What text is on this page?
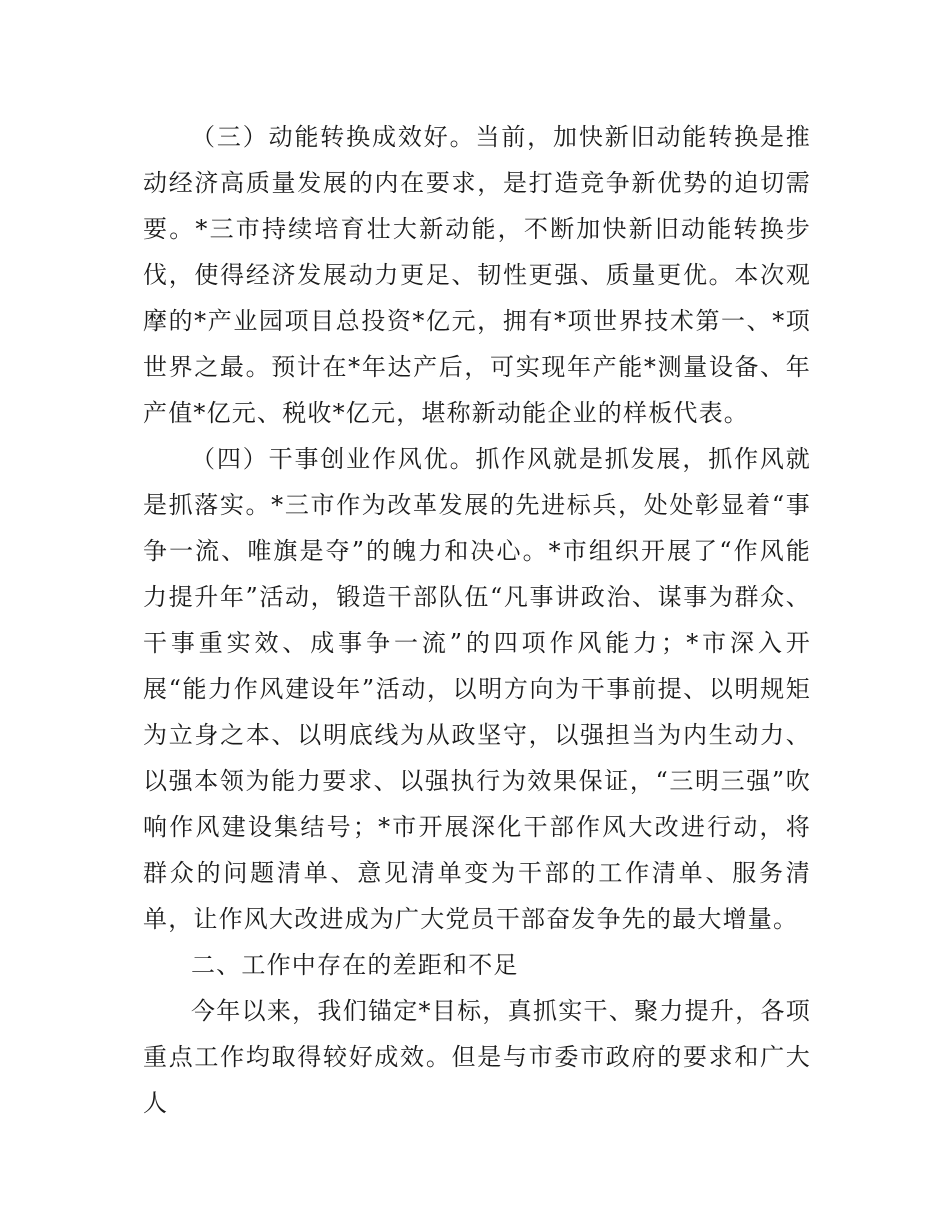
（三）动能转换成效好。当前，加快新旧动能转换是推动经济高质量发展的内在要求，是打造竞争新优势的迫切需要。*三市持续培育壮大新动能，不断加快新旧动能转换步伐，使得经济发展动力更足、韧性更强、质量更优。本次观摩的*产业园项目总投资*亿元，拥有*项世界技术第一、*项世界之最。预计在*年达产后，可实现年产能*测量设备、年产值*亿元、税收*亿元，堪称新动能企业的样板代表。

（四）干事创业作风优。抓作风就是抓发展，抓作风就是抓落实。*三市作为改革发展的先进标兵，处处彰显着“事争一流、唯旗是夺”的魄力和决心。*市组织开展了“作风能力提升年”活动，锻造干部队伍“凡事讲政治、谋事为群众、干事重实效、成事争一流”的四项作风能力；*市深入开展“能力作风建设年”活动，以明方向为干事前提、以明规矩为立身之本、以明底线为从政坚守，以强担当为内生动力、以强本领为能力要求、以强执行为效果保证，“三明三强”吹响作风建设集结号；*市开展深化干部作风大改进行动，将群众的问题清单、意见清单变为干部的工作清单、服务清单，让作风大改进成为广大党员干部奋发争先的最大增量。

二、工作中存在的差距和不足

今年以来，我们锚定*目标，真抓实干、聚力提升，各项重点工作均取得较好成效。但是与市委市政府的要求和广大人
